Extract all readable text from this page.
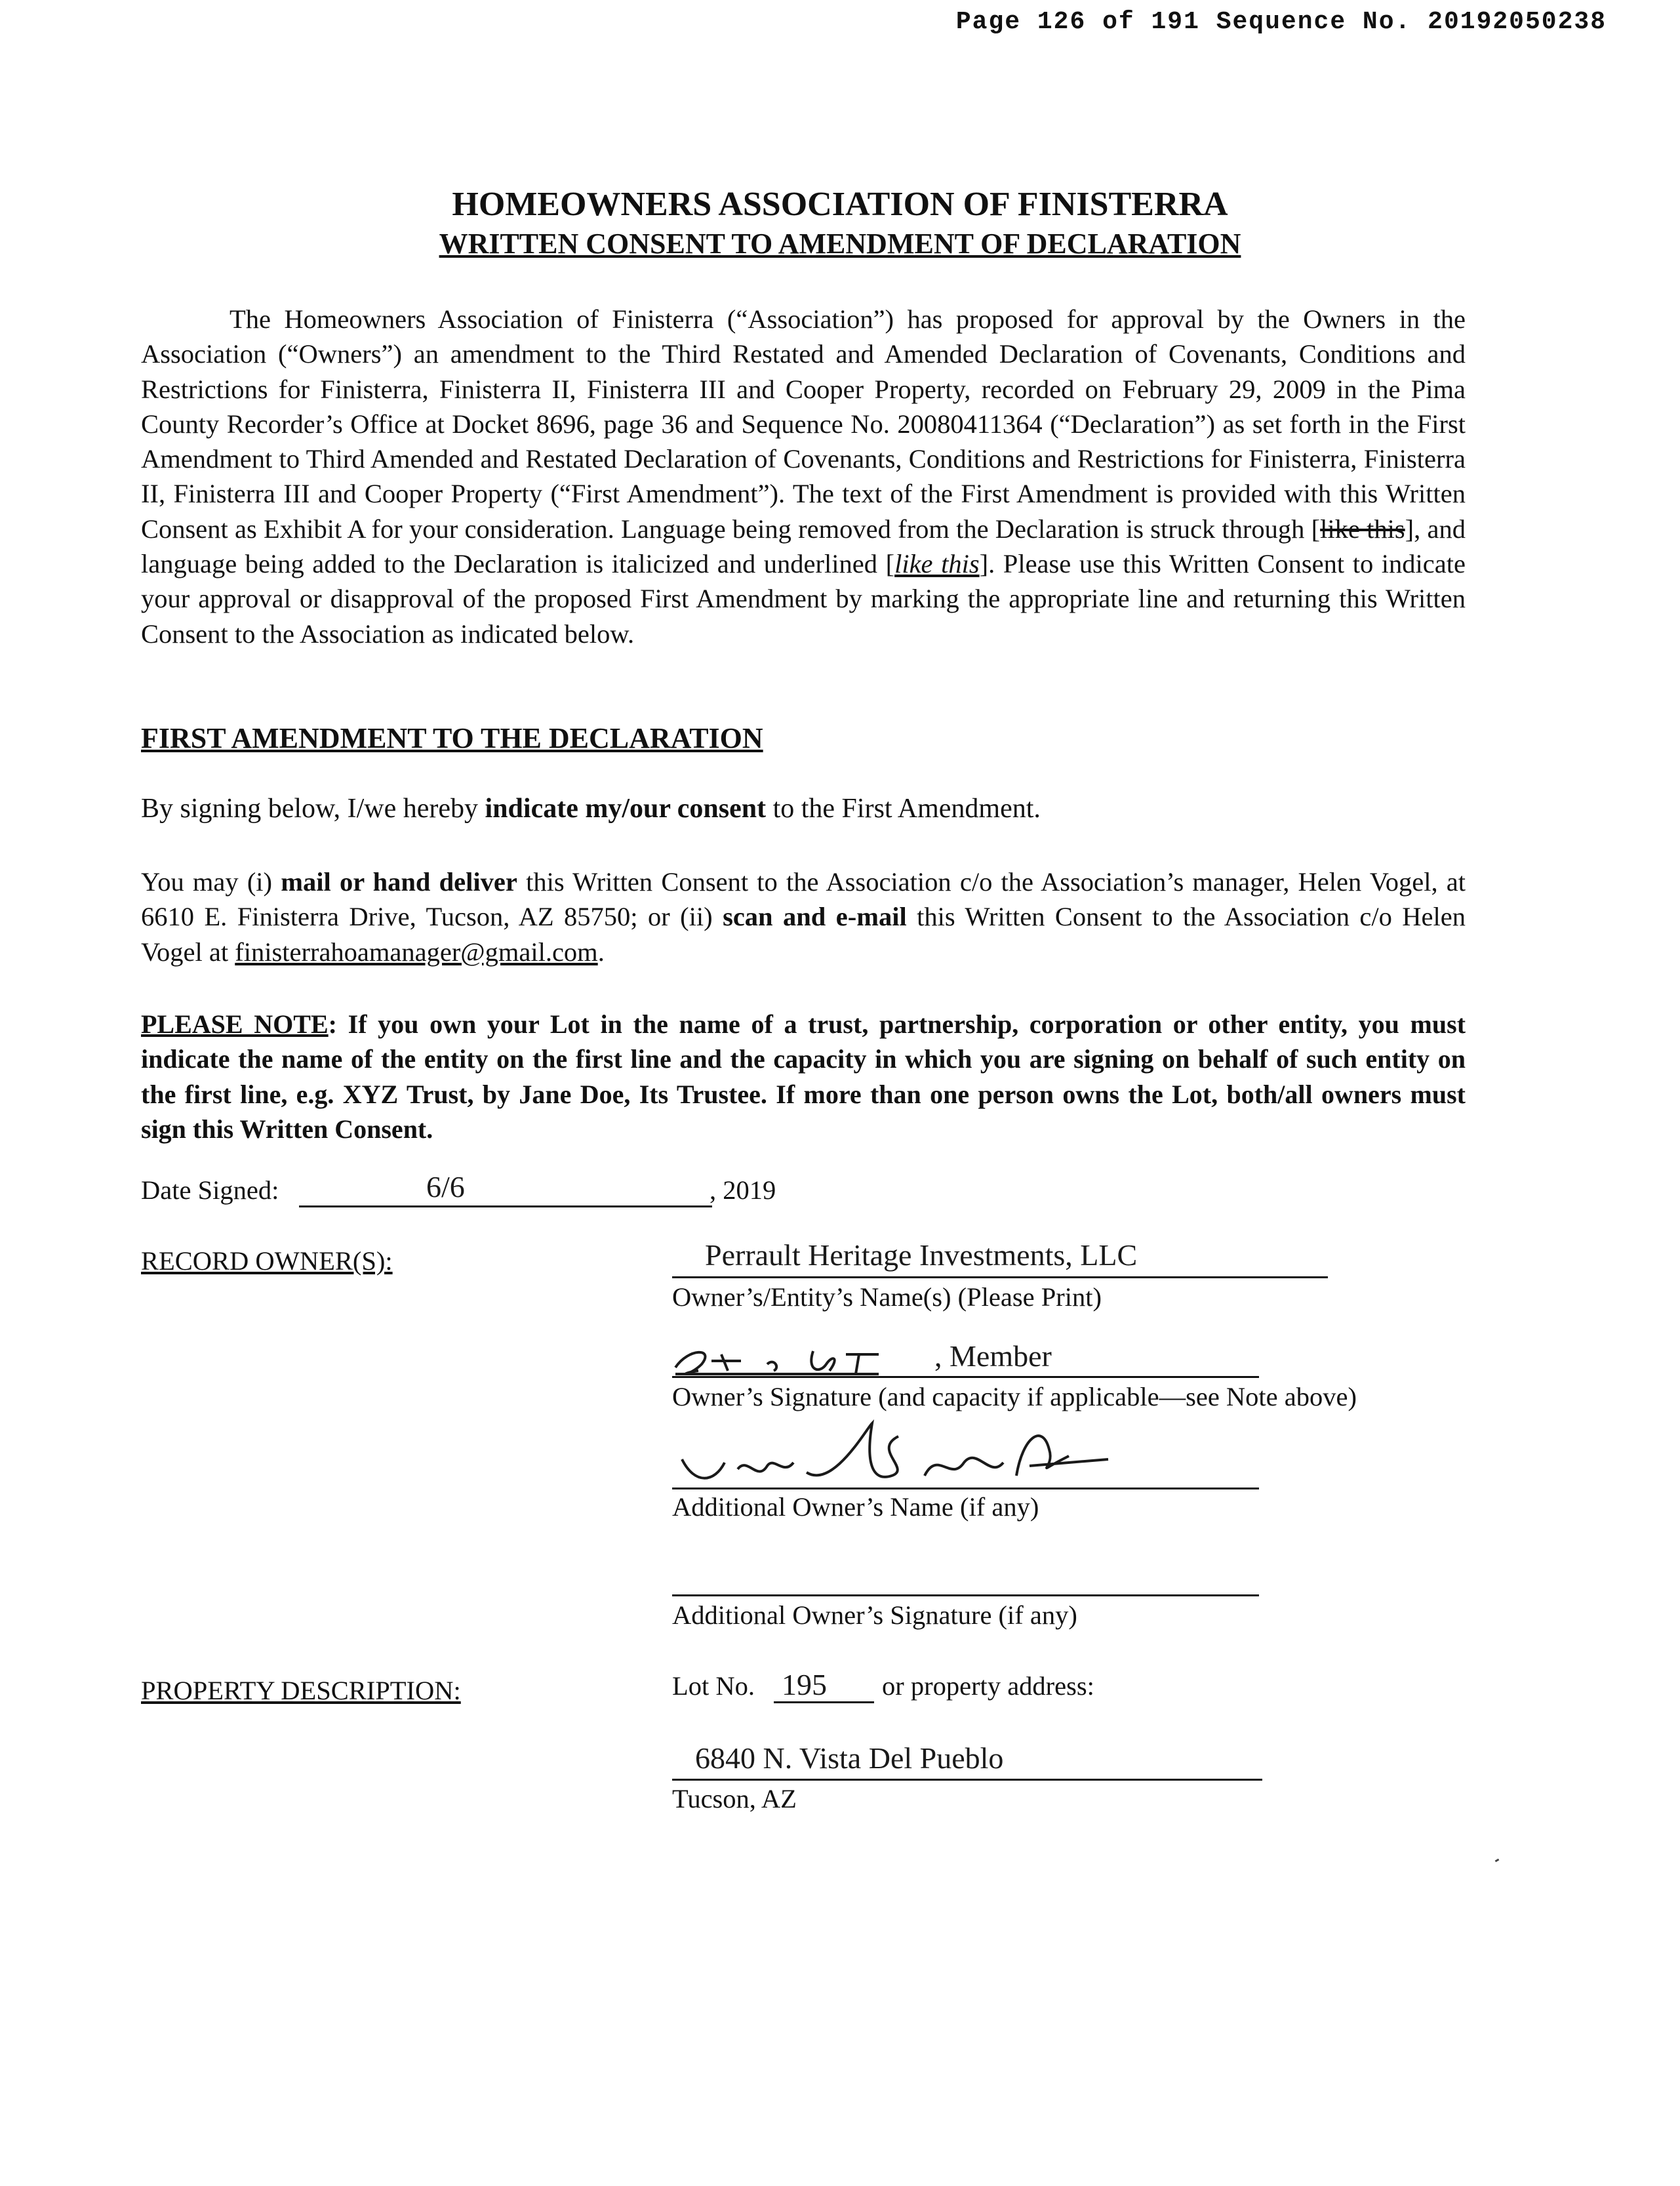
Page 126 of 191 Sequence No. 20192050238
HOMEOWNERS ASSOCIATION OF FINISTERRA
WRITTEN CONSENT TO AMENDMENT OF DECLARATION
The Homeowners Association of Finisterra (“Association”) has proposed for approval by the Owners in the Association (“Owners”) an amendment to the Third Restated and Amended Declaration of Covenants, Conditions and Restrictions for Finisterra, Finisterra II, Finisterra III and Cooper Property, recorded on February 29, 2009 in the Pima County Recorder’s Office at Docket 8696, page 36 and Sequence No. 20080411364 (“Declaration”) as set forth in the First Amendment to Third Amended and Restated Declaration of Covenants, Conditions and Restrictions for Finisterra, Finisterra II, Finisterra III and Cooper Property (“First Amendment”). The text of the First Amendment is provided with this Written Consent as Exhibit A for your consideration. Language being removed from the Declaration is struck through [like this], and language being added to the Declaration is italicized and underlined [like this]. Please use this Written Consent to indicate your approval or disapproval of the proposed First Amendment by marking the appropriate line and returning this Written Consent to the Association as indicated below.
FIRST AMENDMENT TO THE DECLARATION
By signing below, I/we hereby indicate my/our consent to the First Amendment.
You may (i) mail or hand deliver this Written Consent to the Association c/o the Association’s manager, Helen Vogel, at 6610 E. Finisterra Drive, Tucson, AZ 85750; or (ii) scan and e-mail this Written Consent to the Association c/o Helen Vogel at finisterrahoamanager@gmail.com.
PLEASE NOTE: If you own your Lot in the name of a trust, partnership, corporation or other entity, you must indicate the name of the entity on the first line and the capacity in which you are signing on behalf of such entity on the first line, e.g. XYZ Trust, by Jane Doe, Its Trustee. If more than one person owns the Lot, both/all owners must sign this Written Consent.
Date Signed:	6/6	, 2019
RECORD OWNER(S):	Perrault Heritage Investments, LLC
Owner’s/Entity’s Name(s) (Please Print)
, Member
Owner’s Signature (and capacity if applicable—see Note above)
Additional Owner’s Name (if any)
Additional Owner’s Signature (if any)
PROPERTY DESCRIPTION:	Lot No. 195 or property address:
6840 N. Vista Del Pueblo
Tucson, AZ
